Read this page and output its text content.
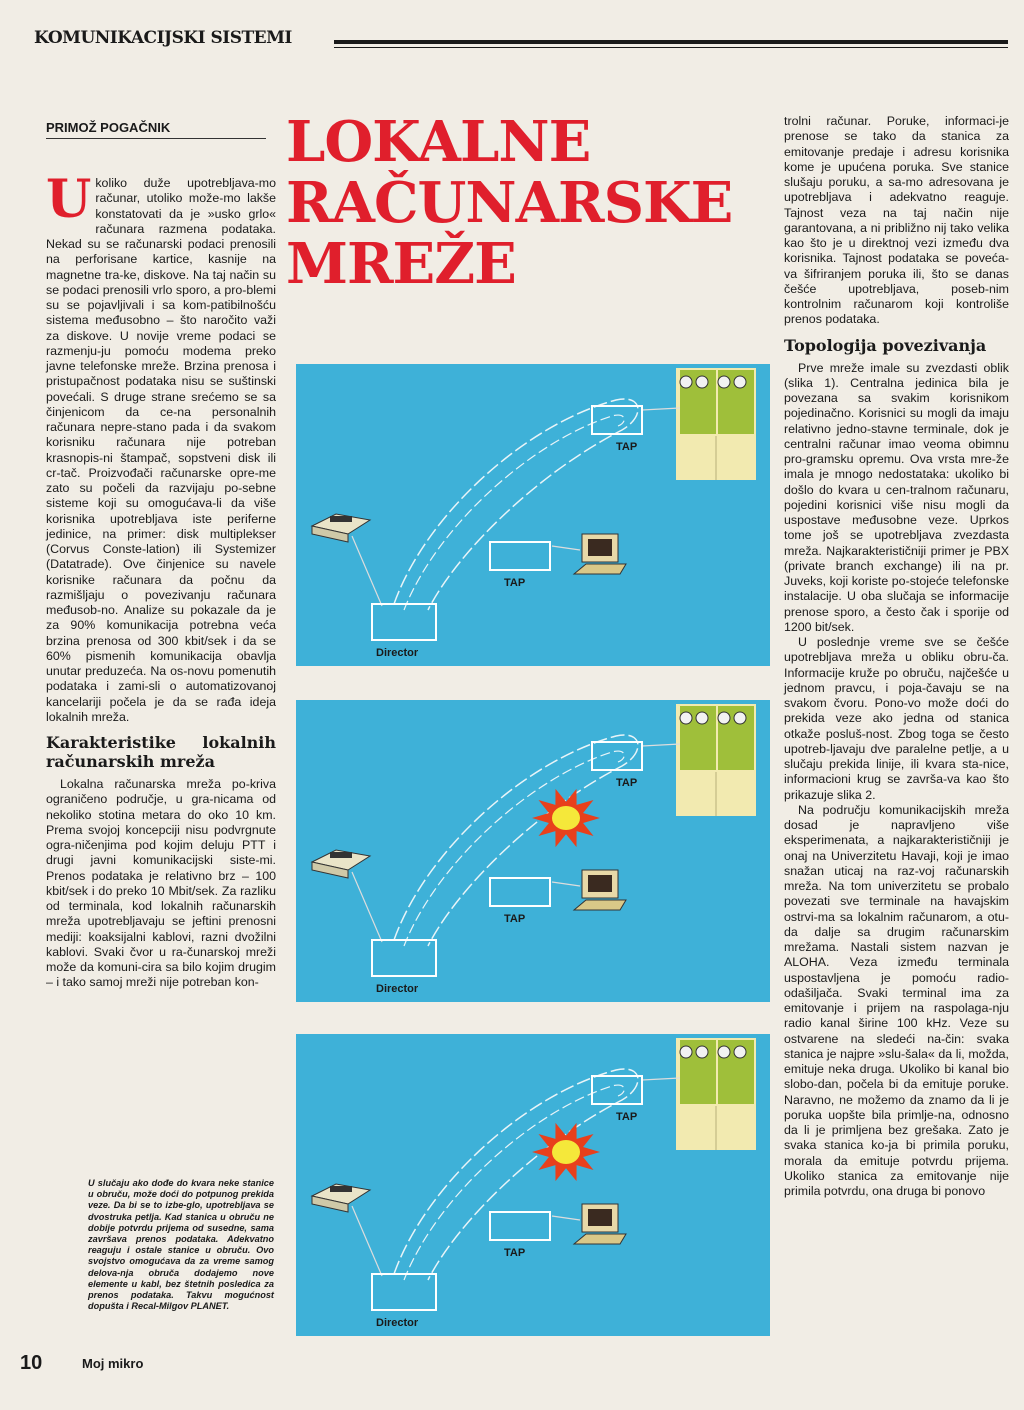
KOMUNIKACIJSKI SISTEMI
PRIMOŽ POGAČNIK LOKALNE
RAČUNARSKE
MREŽE

Ukoliko duže upotrebljava-mo računar, utoliko može-mo lakše konstatovati da je »usko grlo« računara razmena podataka. Nekad su se računarski podaci prenosili na perforisane kartice, kasnije na magnetne tra-ke, diskove. Na taj način su se podaci prenosili vrlo sporo, a pro-blemi su se pojavljivali i sa kom-patibilnošću sistema međusobno – što naročito važi za diskove. U novije vreme podaci se razmenju-ju pomoću modema preko javne telefonske mreže. Brzina prenosa i pristupačnost podataka nisu se suštinski povećali. S druge strane srećemo se sa činjenicom da ce-na personalnih računara nepre-stano pada i da svakom korisniku računara nije potreban krasnopis-ni štampač, sopstveni disk ili cr-tač. Proizvođači računarske opre-me zato su počeli da razvijaju po-sebne sisteme koji su omogućava-li da više korisnika upotrebljava iste periferne jedinice, na primer: disk multiplekser (Corvus Conste-lation) ili Systemizer (Datatrade). Ove činjenice su navele korisnike računara da počnu da razmišljaju o povezivanju računara međusob-no. Analize su pokazale da je za 90% komunikacija potrebna veća brzina prenosa od 300 kbit/sek i da se 60% pismenih komunikacija obavlja unutar preduzeća. Na os-novu pomenutih podataka i zami-sli o automatizovanoj kancelariji počela je da se rađa ideja lokalnih mreža.

Karakteristike lokalnih računarskih mreža

Lokalna računarska mreža po-kriva ograničeno područje, u gra-nicama od nekoliko stotina metara do oko 10 km. Prema svojoj koncepciji nisu podvrgnute ogra-ničenjima pod kojim deluju PTT i drugi javni komunikacijski siste-mi. Prenos podataka je relativno brz – 100 kbit/sek i do preko 10 Mbit/sek. Za razliku od terminala, kod lokalnih računarskih mreža upotrebljavaju se jeftini prenosni mediji: koaksijalni kablovi, razni dvožilni kablovi. Svaki čvor u ra-čunarskoj mreži može da komuni-cira sa bilo kojim drugim – i tako samoj mreži nije potreban kon-

trolni računar. Poruke, informaci-je prenose se tako da stanica za emitovanje predaje i adresu korisnika kome je upućena poruka. Sve stanice slušaju poruku, a sa-mo adresovana je upotrebljava i adekvatno reaguje. Tajnost veza na taj način nije garantovana, a ni približno nij tako velika kao što je u direktnoj vezi između dva korisnika. Tajnost podataka se poveća-va šifriranjem poruka ili, što se danas češće upotrebljava, poseb-nim kontrolnim računarom koji kontroliše prenos podataka.

Topologija povezivanja

Prve mreže imale su zvezdasti oblik (slika 1). Centralna jedinica bila je povezana sa svakim korisnikom pojedinačno. Korisnici su mogli da imaju relativno jedno-stavne terminale, dok je centralni računar imao veoma obimnu pro-gramsku opremu. Ova vrsta mre-že imala je mnogo nedostataka: ukoliko bi došlo do kvara u cen-tralnom računaru, pojedini korisnici više nisu mogli da uspostave međusobne veze. Uprkos tome još se upotrebljava zvezdasta mreža. Najkarakterističniji primer je PBX (private branch exchange) ili na pr. Juveks, koji koriste po-stojeće telefonske instalacije. U oba slučaja se informacije prenose sporo, a često čak i sporije od 1200 bit/sek.

U poslednje vreme sve se češće upotrebljava mreža u obliku obru-ča. Informacije kruže po obruču, najčešće u jednom pravcu, i poja-čavaju se na svakom čvoru. Pono-vo može doći do prekida veze ako jedna od stanica otkaže posluš-nost. Zbog toga se često upotreb-ljavaju dve paralelne petlje, a u slučaju prekida linije, ili kvara sta-nice, informacioni krug se završa-va kao što prikazuje slika 2.

Na području komunikacijskih mreža dosad je napravljeno više eksperimenata, a najkarakterističniji je onaj na Univerzitetu Havaji, koji je imao snažan uticaj na raz-voj računarskih mreža. Na tom univerzitetu se probalo povezati sve terminale na havajskim ostrvi-ma sa lokalnim računarom, a otu-da dalje sa drugim računarskim mrežama. Nastali sistem nazvan je ALOHA. Veza između terminala uspostavljena je pomoću radio-odašiljača. Svaki terminal ima za emitovanje i prijem na raspolaga-nju radio kanal širine 100 kHz. Veze su ostvarene na sledeći na-čin: svaka stanica je najpre »slu-šala« da li, možda, emituje neka druga. Ukoliko bi kanal bio slobo-dan, počela bi da emituje poruke. Naravno, ne možemo da znamo da li je poruka uopšte bila primlje-na, odnosno da li je primljena bez grešaka. Zato je svaka stanica ko-ja bi primila poruku, morala da emituje potvrdu prijema. Ukoliko stanica za emitovanje nije primila potvrdu, ona druga bi ponovo

U slučaju ako dođe do kvara neke stanice u obruču, može doći do potpunog prekida veze. Da bi se to izbe-glo, upotrebljava se dvostruka petlja. Kad stanica u obruču ne dobije potvrdu prijema od susedne, sama završava prenos podataka. Adekvatno reaguju i ostale stanice u obruču. Ovo svojstvo omogućava da za vreme samog delova-nja obruča dodajemo nove elemente u kabl, bez štetnih posledica za prenos podataka. Takvu mogućnost dopušta i Recal-Milgov PLANET.
TAP
TAP
Director
TAP
TAP
Director
TAP
TAP
Director
10	Moj mikro
